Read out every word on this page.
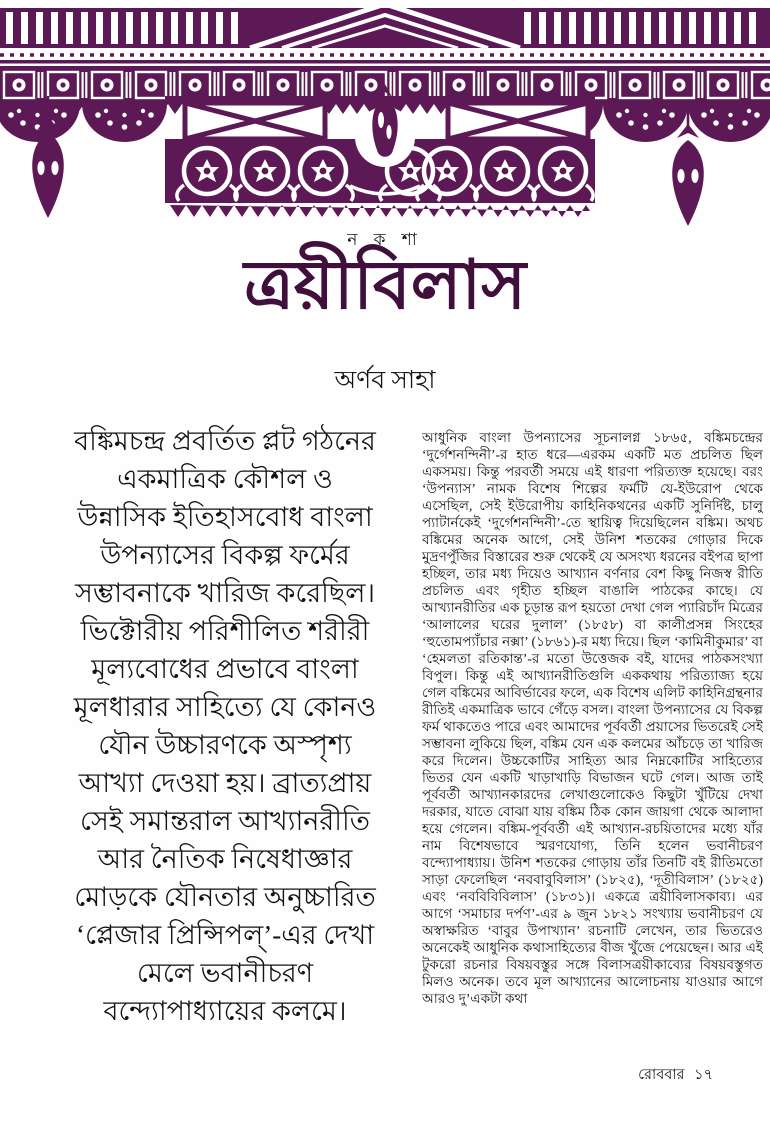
ন ক শা
ত্রয়ীবিলাস
অর্ণব সাহা
বঙ্কিমচন্দ্র প্রবর্তিত প্লট গঠনের
একমাত্রিক কৌশল ও
উন্নাসিক ইতিহাসবোধ বাংলা
উপন্যাসের বিকল্প ফর্মের
সম্ভাবনাকে খারিজ করেছিল।
ভিক্টোরীয় পরিশীলিত শরীরী
মূল্যবোধের প্রভাবে বাংলা
মূলধারার সাহিত্যে যে কোনও
যৌন উচ্চারণকে অস্পৃশ্য
আখ্যা দেওয়া হয়। ব্রাত্যপ্রায়
সেই সমান্তরাল আখ্যানরীতি
আর নৈতিক নিষেধাজ্ঞার
মোড়কে যৌনতার অনুচ্চারিত
‘প্লেজার প্রিন্সিপল্‌’-এর দেখা
মেলে ভবানীচরণ
বন্দ্যোপাধ্যায়ের কলমে।
আধুনিক বাংলা উপন্যাসের সূচনালগ্ন ১৮৬৫, বঙ্কিমচন্দ্রের ‘দুর্গেশনন্দিনী’-র হাত ধরে—এরকম একটি মত প্রচলিত ছিল একসময়। কিন্তু পরবর্তী সময়ে এই ধারণা পরিত্যক্ত হয়েছে। বরং ‘উপন্যাস’ নামক বিশেষ শিল্পের ফর্মটি যে-ইউরোপ থেকে এসেছিল, সেই ইউরোপীয় কাহিনিকথনের একটি সুনির্দিষ্ট, চালু প্যাটার্নকেই ‘দুর্গেশনন্দিনী’-তে স্থায়িত্ব দিয়েছিলেন বঙ্কিম। অথচ বঙ্কিমের অনেক আগে, সেই উনিশ শতকের গোড়ার দিকে মুদ্রণপুঁজির বিস্তারের শুরু থেকেই যে অসংখ্য ধরনের বইপত্র ছাপা হচ্ছিল, তার মধ্য দিয়েও আখ্যান বর্ণনার বেশ কিছু নিজস্ব রীতি প্রচলিত এবং গৃহীত হচ্ছিল বাঙালি পাঠকের কাছে। যে আখ্যানরীতির এক চূড়ান্ত রূপ হয়তো দেখা গেল প্যারিচাঁদ মিত্রের ‘আলালের ঘরের দুলাল’ (১৮৫৮) বা কালীপ্রসন্ন সিংহের ‘হুতোমপ্যাঁচার নক্সা’ (১৮৬১)-র মধ্য দিয়ে। ছিল ‘কামিনীকুমার’ বা ‘হেমলতা রতিকান্ত’-র মতো উত্তেজক বই, যাদের পাঠকসংখ্যা বিপুল। কিন্তু এই আখ্যানরীতিগুলি এককথায় পরিত্যাজ্য হয়ে গেল বঙ্কিমের আবির্ভাবের ফলে, এক বিশেষ এলিট কাহিনিগ্রন্থনার রীতিই একমাত্রিক ভাবে গেঁড়ে বসল। বাংলা উপন্যাসের যে বিকল্প ফর্ম থাকতেও পারে এবং আমাদের পূর্ববর্তী প্রয়াসের ভিতরেই সেই সম্ভাবনা লুকিয়ে ছিল, বঙ্কিম যেন এক কলমের আঁচড়ে তা খারিজ করে দিলেন। উচ্চকোটির সাহিত্য আর নিম্নকোটির সাহিত্যের ভিতর যেন একটি খাড়াখাড়ি বিভাজন ঘটে গেল। আজ তাই পূর্ববর্তী আখ্যানকারদের লেখাগুলোকেও কিছুটা খুঁটিয়ে দেখা দরকার, যাতে বোঝা যায় বঙ্কিম ঠিক কোন জায়গা থেকে আলাদা হয়ে গেলেন। বঙ্কিম-পূর্ববর্তী এই আখ্যান-রচয়িতাদের মধ্যে যাঁর নাম বিশেষভাবে স্মরণযোগ্য, তিনি হলেন ভবানীচরণ বন্দ্যোপাধ্যায়। উনিশ শতকের গোড়ায় তাঁর তিনটি বই রীতিমতো সাড়া ফেলেছিল ‘নববাবুবিলাস’ (১৮২৫), ‘দূতীবিলাস’ (১৮২৫) এবং ‘নববিবিবিলাস’ (১৮৩১)। একত্রে ত্রয়ীবিলাসকাব্য। এর আগে ‘সমাচার দর্পণ’-এর ৯ জুন ১৮২১ সংখ্যায় ভবানীচরণ যে অস্বাক্ষরিত ‘বাবুর উপাখ্যান’ রচনাটি লেখেন, তার ভিতরেও অনেকেই আধুনিক কথাসাহিত্যের বীজ খুঁজে পেয়েছেন। আর এই টুকরো রচনার বিষয়বস্তুর সঙ্গে বিলাসত্রয়ীকাব্যের বিষয়বস্তুগত মিলও অনেক। তবে মূল আখ্যানের আলোচনায় যাওয়ার আগে আরও দু’একটা কথা
রোববার ১৭
